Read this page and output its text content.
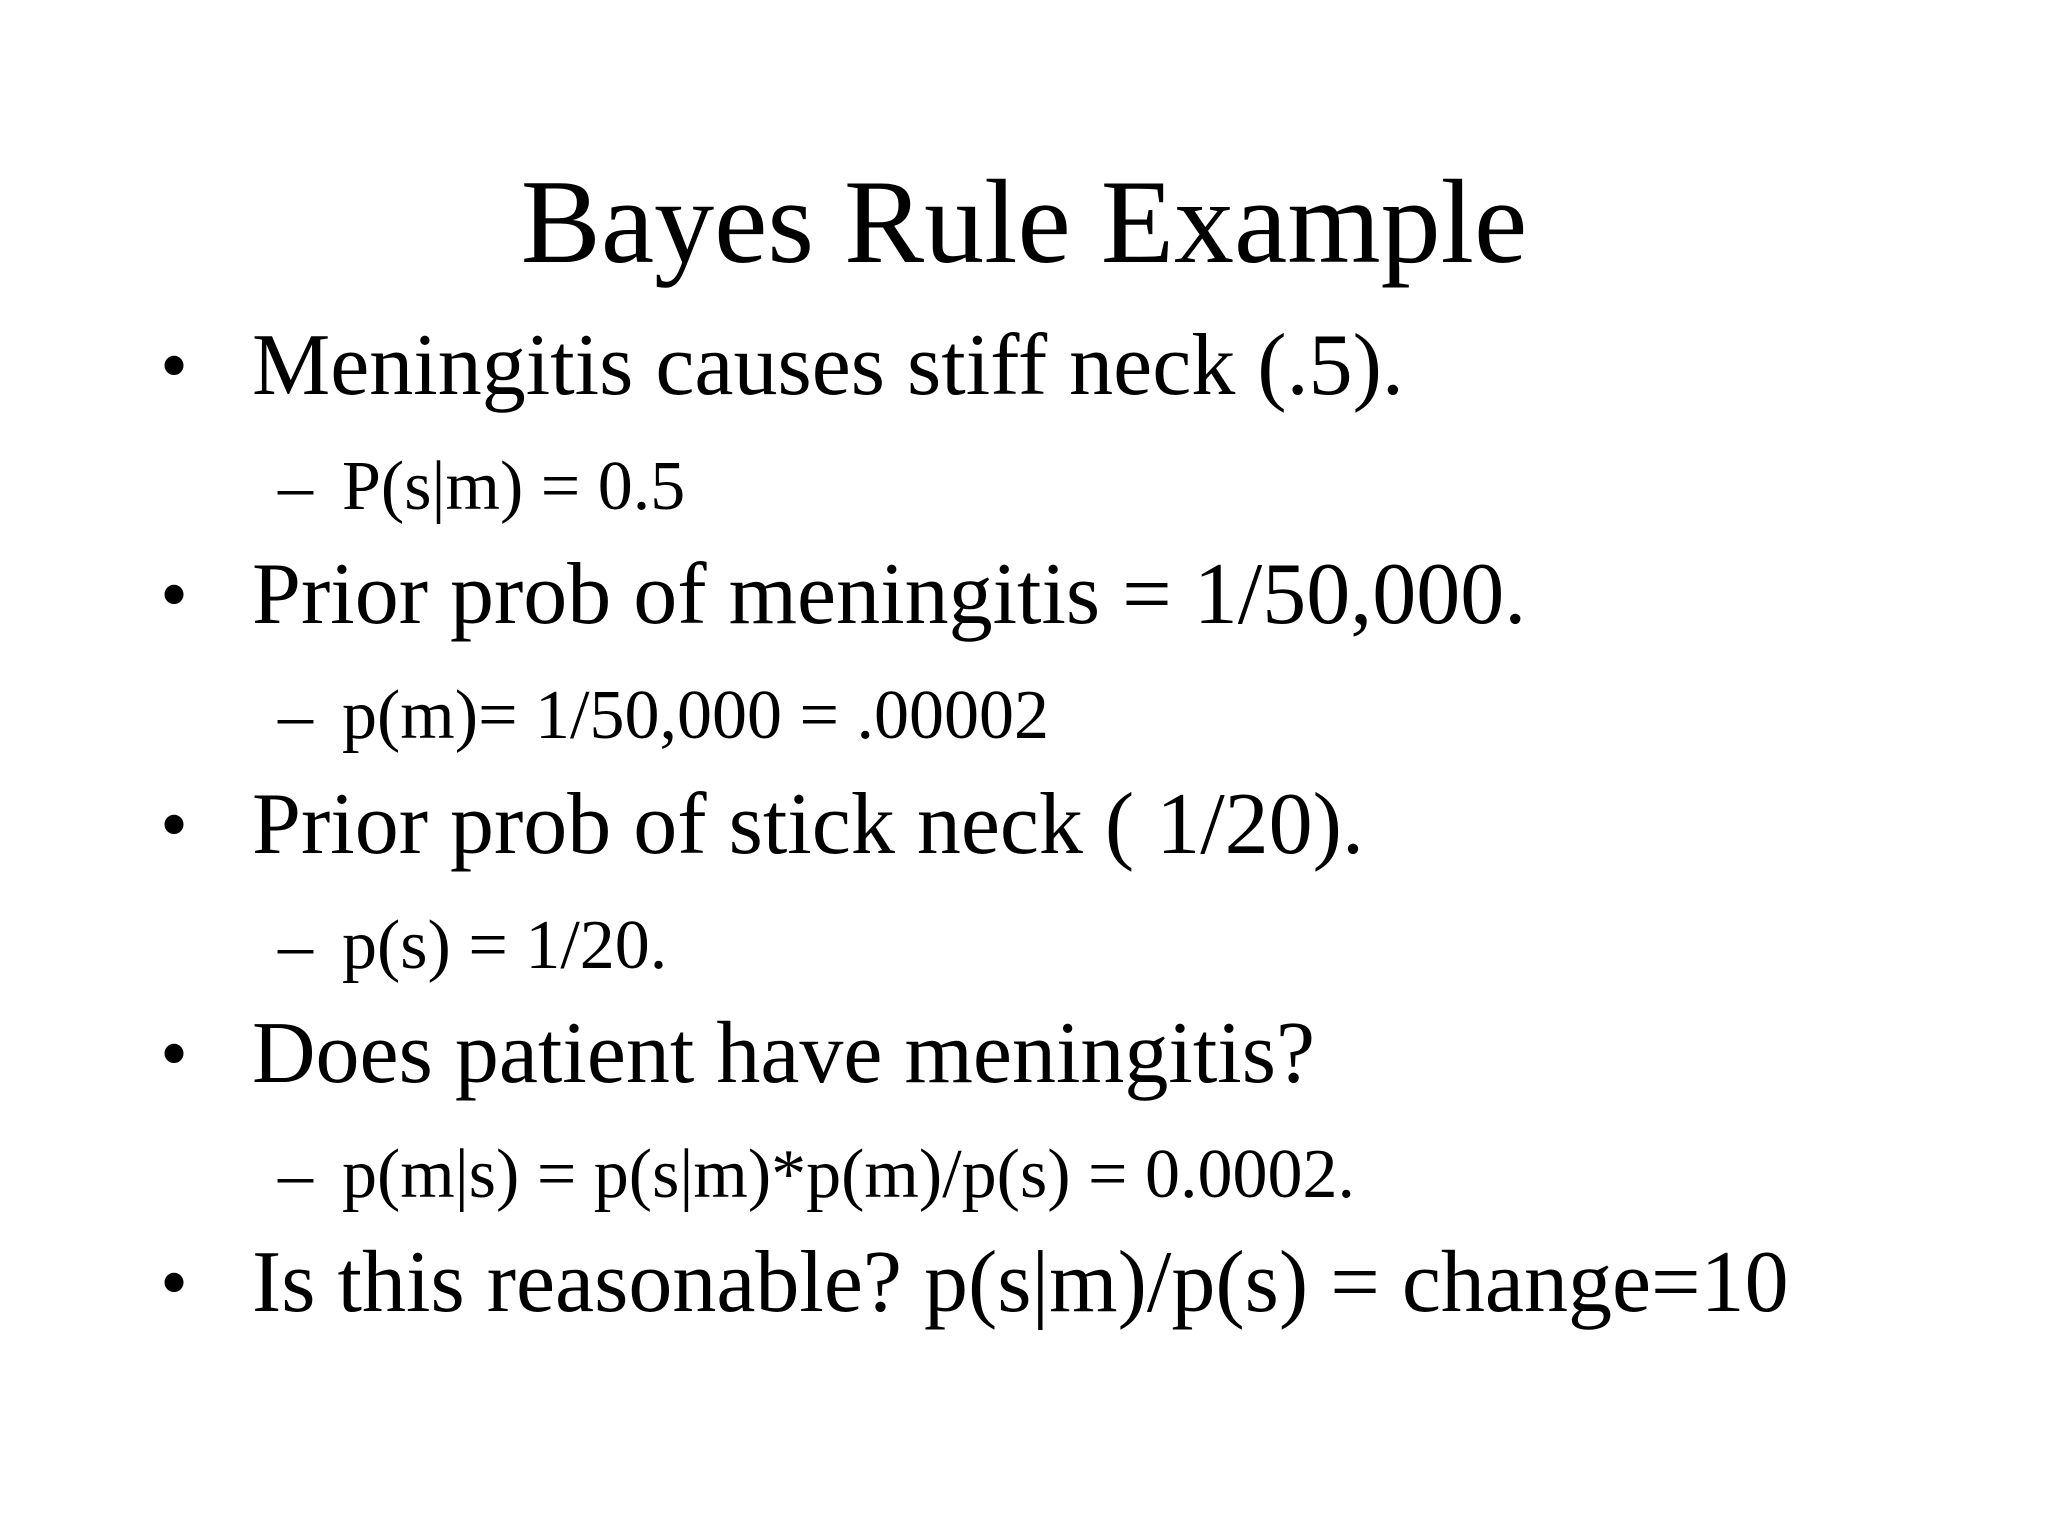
Bayes Rule Example
• Meningitis causes stiff neck (.5).
– P(s|m) = 0.5
• Prior prob of meningitis = 1/50,000.
– p(m)= 1/50,000 = .00002
• Prior prob of stick neck ( 1/20).
– p(s) = 1/20.
• Does patient have meningitis?
– p(m|s) = p(s|m)*p(m)/p(s) = 0.0002.
• Is this reasonable? p(s|m)/p(s) = change=10
